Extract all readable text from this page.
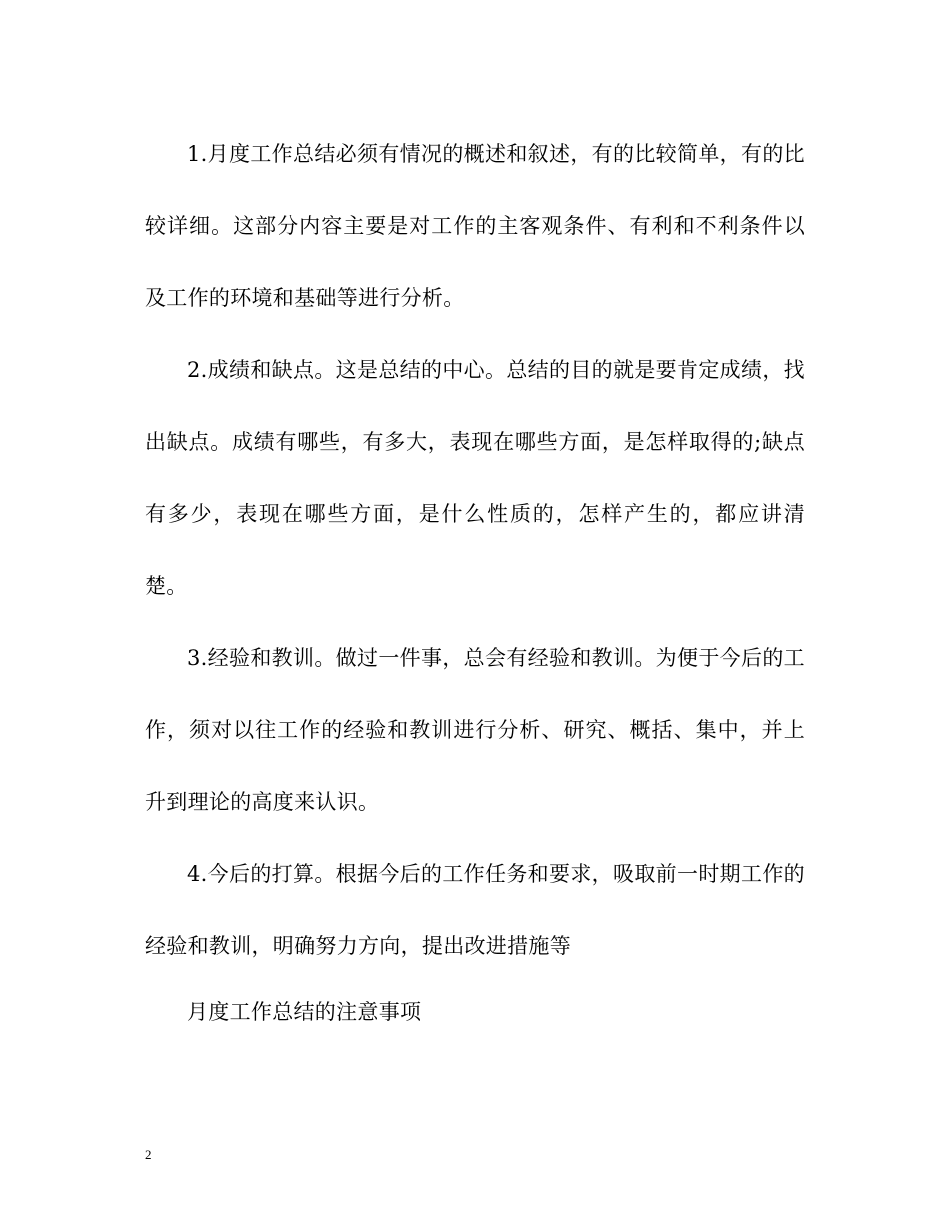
1.月度工作总结必须有情况的概述和叙述，有的比较简单，有的比较详细。这部分内容主要是对工作的主客观条件、有利和不利条件以及工作的环境和基础等进行分析。

2.成绩和缺点。这是总结的中心。总结的目的就是要肯定成绩，找出缺点。成绩有哪些，有多大，表现在哪些方面，是怎样取得的;缺点有多少，表现在哪些方面，是什么性质的，怎样产生的，都应讲清楚。

3.经验和教训。做过一件事，总会有经验和教训。为便于今后的工作，须对以往工作的经验和教训进行分析、研究、概括、集中，并上升到理论的高度来认识。

4.今后的打算。根据今后的工作任务和要求，吸取前一时期工作的经验和教训，明确努力方向，提出改进措施等

月度工作总结的注意事项

2
